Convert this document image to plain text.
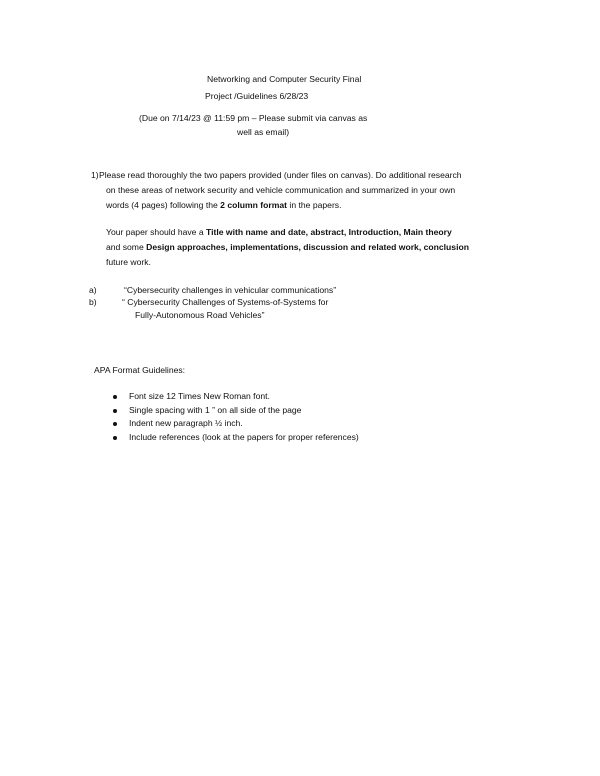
Networking and Computer Security Final
Project /Guidelines 6/28/23
(Due on 7/14/23 @ 11:59 pm – Please submit via canvas as
well as email)
1) Please read thoroughly the two papers provided (under files on canvas). Do additional research
on these areas of network security and vehicle communication and summarized in your own
words (4 pages) following the 2 column format in the papers.
Your paper should have a Title with name and date, abstract, Introduction, Main theory
and some Design approaches, implementations, discussion and related work, conclusion
future work.
a)	“Cybersecurity challenges in vehicular communications”
b)	“ Cybersecurity Challenges of Systems-of-Systems for
Fully-Autonomous Road Vehicles”
APA Format Guidelines:
Font size 12 Times New Roman font.
Single spacing with 1 ” on all side of the page
Indent new paragraph ½ inch.
Include references (look at the papers for proper references)
